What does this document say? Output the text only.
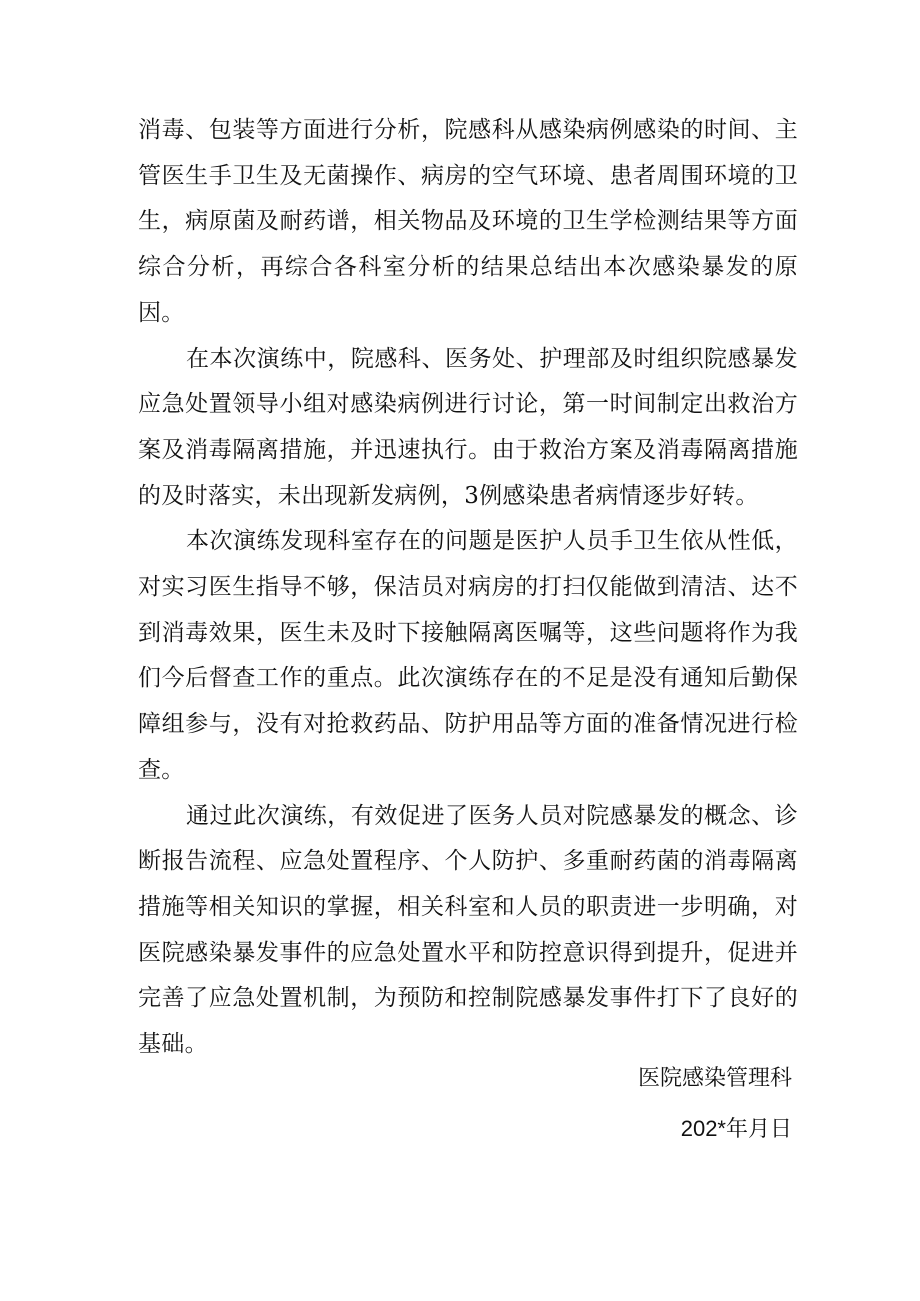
消毒、包装等方面进行分析，院感科从感染病例感染的时间、主管医生手卫生及无菌操作、病房的空气环境、患者周围环境的卫生，病原菌及耐药谱，相关物品及环境的卫生学检测结果等方面综合分析，再综合各科室分析的结果总结出本次感染暴发的原因。

在本次演练中，院感科、医务处、护理部及时组织院感暴发应急处置领导小组对感染病例进行讨论，第一时间制定出救治方案及消毒隔离措施，并迅速执行。由于救治方案及消毒隔离措施的及时落实，未出现新发病例，3例感染患者病情逐步好转。

本次演练发现科室存在的问题是医护人员手卫生依从性低，对实习医生指导不够，保洁员对病房的打扫仅能做到清洁、达不到消毒效果，医生未及时下接触隔离医嘱等，这些问题将作为我们今后督查工作的重点。此次演练存在的不足是没有通知后勤保障组参与，没有对抢救药品、防护用品等方面的准备情况进行检查。

通过此次演练，有效促进了医务人员对院感暴发的概念、诊断报告流程、应急处置程序、个人防护、多重耐药菌的消毒隔离措施等相关知识的掌握，相关科室和人员的职责进一步明确，对医院感染暴发事件的应急处置水平和防控意识得到提升，促进并完善了应急处置机制，为预防和控制院感暴发事件打下了良好的基础。

医院感染管理科
202*年月日
